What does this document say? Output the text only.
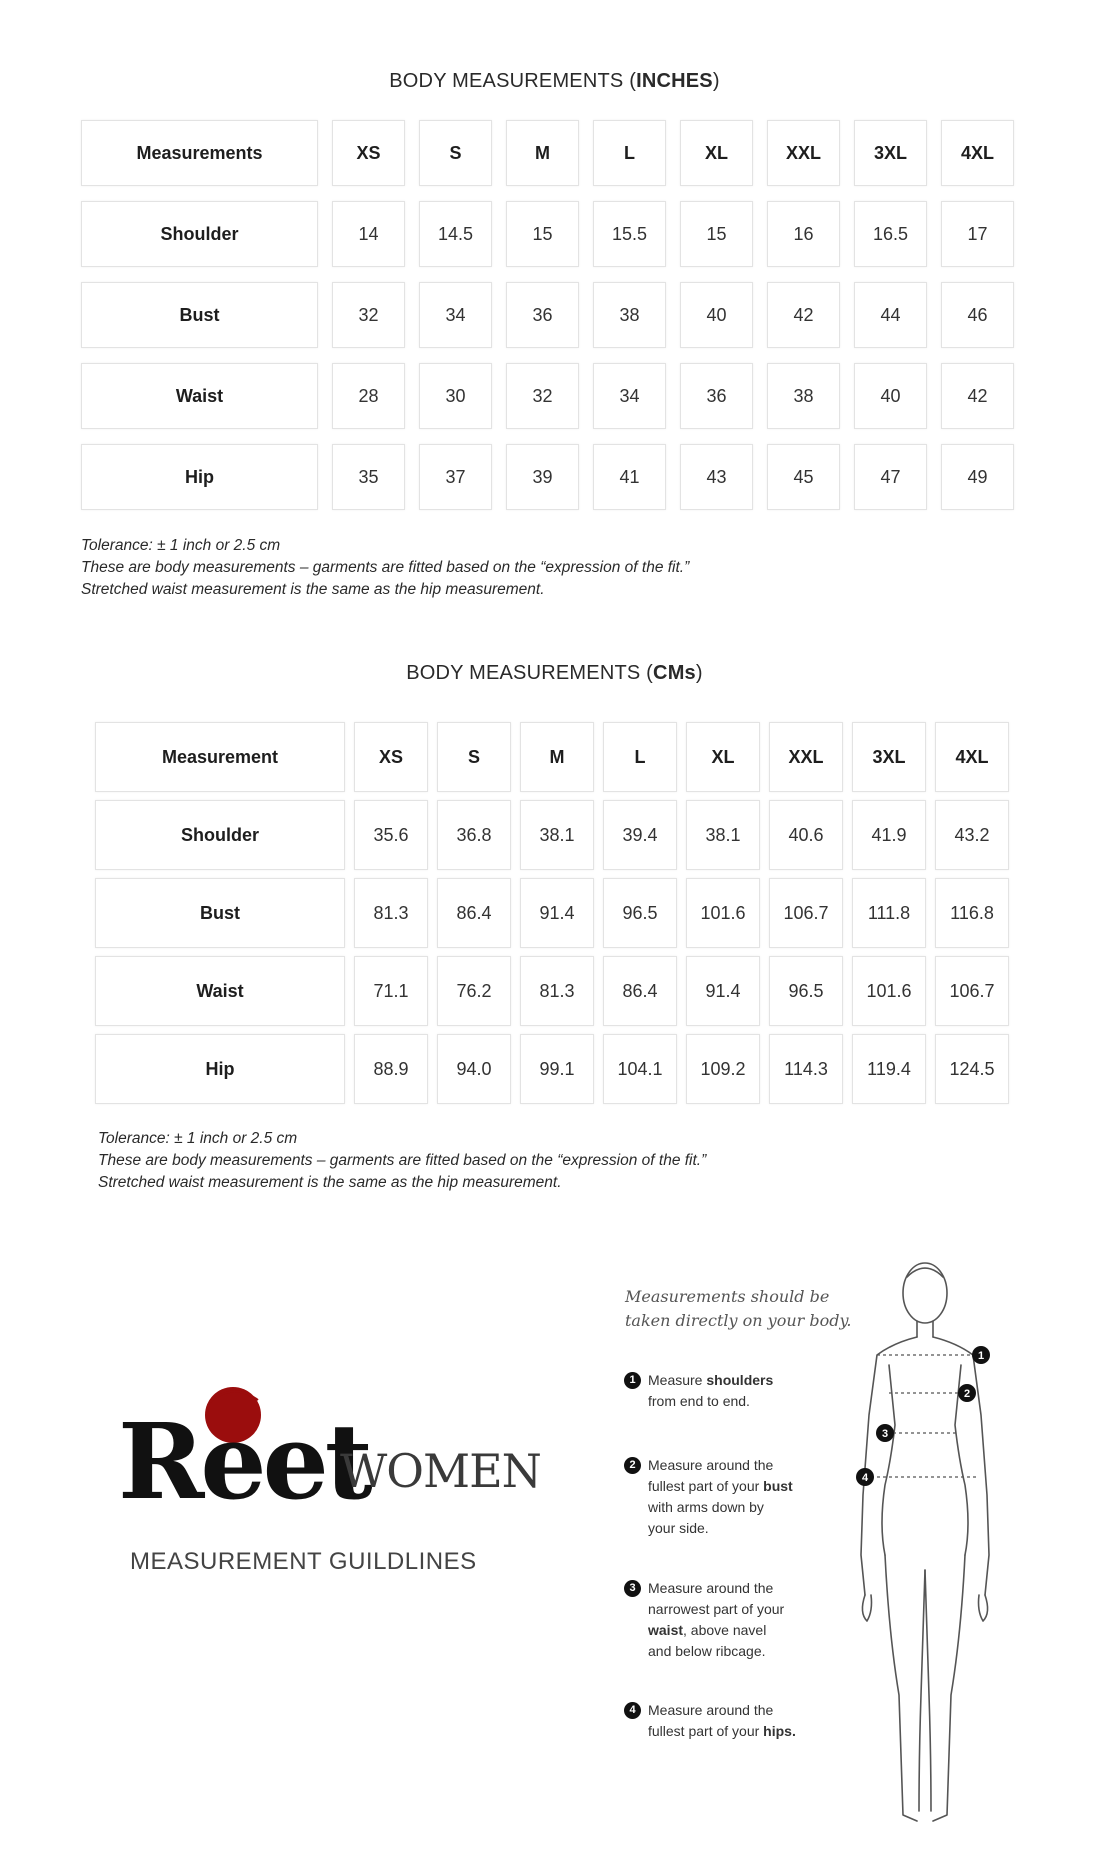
BODY MEASUREMENTS (INCHES)
Measurements	XS	S	M	L	XL	XXL	3XL	4XL
Shoulder	14	14.5	15	15.5	15	16	16.5	17
Bust	32	34	36	38	40	42	44	46
Waist	28	30	32	34	36	38	40	42
Hip	35	37	39	41	43	45	47	49
Tolerance: ± 1 inch or 2.5 cm
These are body measurements – garments are fitted based on the “expression of the fit.”
Stretched waist measurement is the same as the hip measurement.
BODY MEASUREMENTS (CMs)
Measurement	XS	S	M	L	XL	XXL	3XL	4XL
Shoulder	35.6	36.8	38.1	39.4	38.1	40.6	41.9	43.2
Bust	81.3	86.4	91.4	96.5	101.6	106.7	111.8	116.8
Waist	71.1	76.2	81.3	86.4	91.4	96.5	101.6	106.7
Hip	88.9	94.0	99.1	104.1	109.2	114.3	119.4	124.5
Tolerance: ± 1 inch or 2.5 cm
These are body measurements – garments are fitted based on the “expression of the fit.”
Stretched waist measurement is the same as the hip measurement.
Reet
WOMEN
MEASUREMENT GUILDLINES
Measurements should be
taken directly on your body.
1 Measure shoulders
from end to end.
2 Measure around the
fullest part of your bust
with arms down by
your side.
3 Measure around the
narrowest part of your
waist, above navel
and below ribcage.
4 Measure around the
fullest part of your hips.
1
2
3
4
